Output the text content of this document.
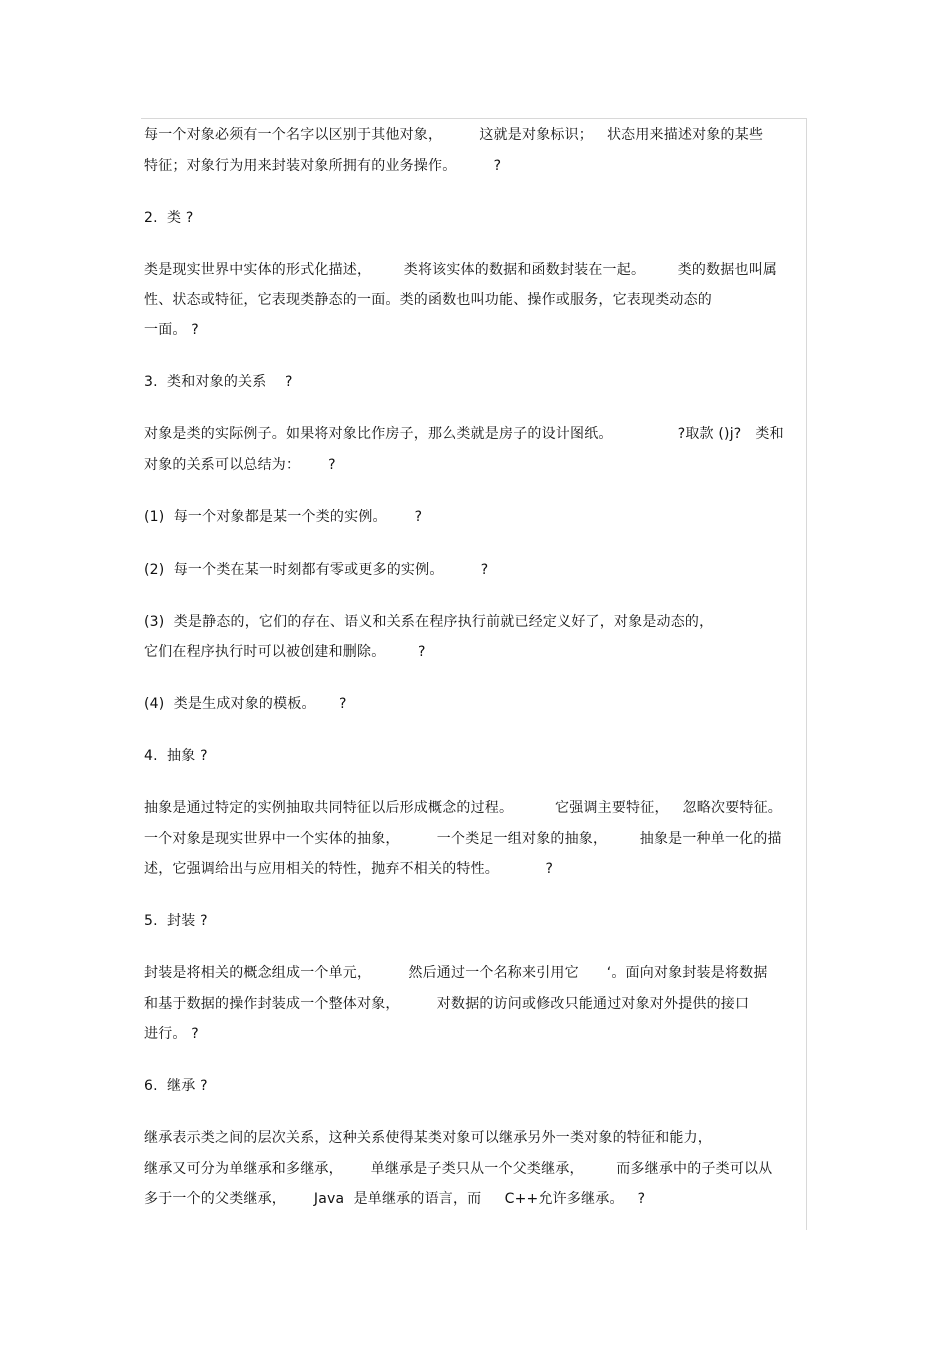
每一个对象必须有一个名字以区别于其他对象，        这就是对象标识；   状态用来描述对象的某些
特征；对象行为用来封装对象所拥有的业务操作。        ?
2.  类 ?
类是现实世界中实体的形式化描述，       类将该实体的数据和函数封装在一起。       类的数据也叫属
性、状态或特征，它表现类静态的一面。类的函数也叫功能、操作或服务，它表现类动态的
一面。 ?
3.  类和对象的关系    ?
对象是类的实际例子。如果将对象比作房子，那么类就是房子的设计图纸。              ?取款 ()j?   类和
对象的关系可以总结为：      ?
(1)  每一个对象都是某一个类的实例。      ?
(2)  每一个类在某一时刻都有零或更多的实例。        ?
(3)  类是静态的，它们的存在、语义和关系在程序执行前就已经定义好了，对象是动态的，
它们在程序执行时可以被创建和删除。       ?
(4)  类是生成对象的模板。     ?
4.  抽象 ?
抽象是通过特定的实例抽取共同特征以后形成概念的过程。         它强调主要特征，   忽略次要特征。
一个对象是现实世界中一个实体的抽象，        一个类足一组对象的抽象，       抽象是一种单一化的描
述，它强调给出与应用相关的特性，抛弃不相关的特性。          ?
5.  封装 ?
封装是将相关的概念组成一个单元，        然后通过一个名称来引用它      ‘。面向对象封装是将数据
和基于数据的操作封装成一个整体对象，        对数据的访问或修改只能通过对象对外提供的接口
进行。 ?
6.  继承 ?
继承表示类之间的层次关系，这种关系使得某类对象可以继承另外一类对象的特征和能力，
继承又可分为单继承和多继承，      单继承是子类只从一个父类继承，       而多继承中的子类可以从
多于一个的父类继承，      Java  是单继承的语言，而     C++允许多继承。   ?
